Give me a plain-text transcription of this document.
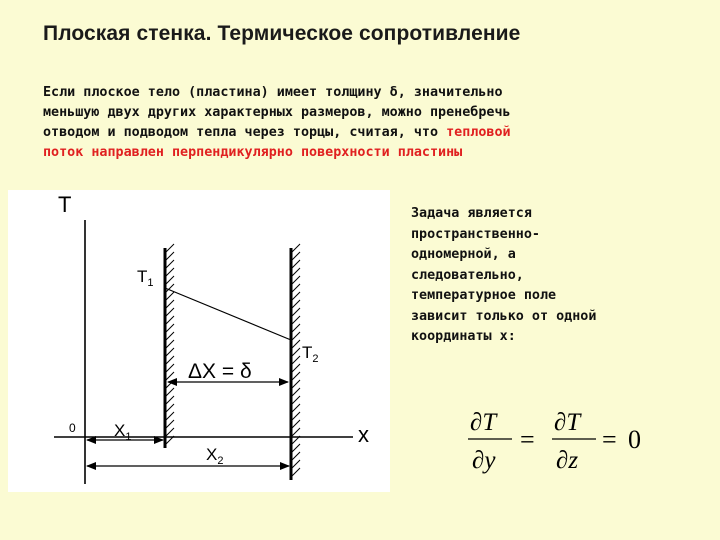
Плоская стенка. Термическое сопротивление
Если плоское тело (пластина) имеет толщину δ, значительно
меньшую двух других характерных размеров, можно пренебречь
отводом и подводом тепла через торцы, считая, что тепловой
поток направлен перпендикулярно поверхности пластины
T
x
0
$T_1$
$T_2$
ΔX = δ
$X_1$
$X_2$
Задача является
пространственно-
одномерной, а
следовательно,
температурное поле
зависит только от одной
координаты x:
∂T
∂y
=
∂T
∂z
= 0
